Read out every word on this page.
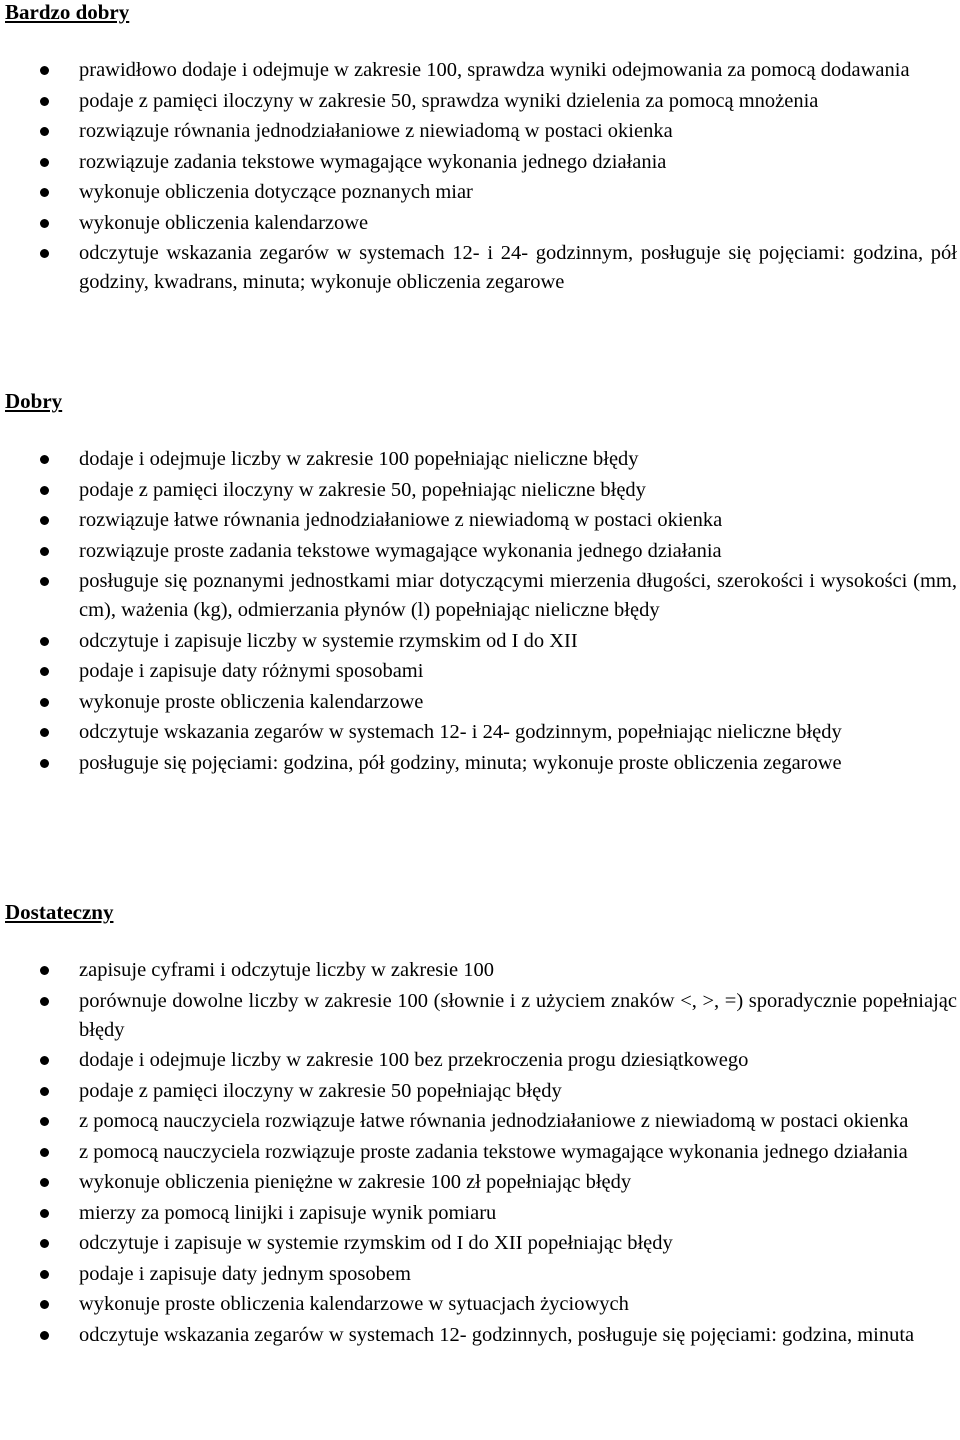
Bardzo dobry
prawidłowo dodaje i odejmuje w zakresie 100, sprawdza wyniki odejmowania za pomocą dodawania
podaje z pamięci iloczyny w zakresie 50, sprawdza wyniki dzielenia za pomocą mnożenia
rozwiązuje równania jednodziałaniowe z niewiadomą w postaci okienka
rozwiązuje zadania tekstowe wymagające wykonania jednego działania
wykonuje obliczenia dotyczące poznanych miar
wykonuje obliczenia kalendarzowe
odczytuje wskazania zegarów w systemach 12- i 24- godzinnym, posługuje się pojęciami: godzina, pół godziny, kwadrans, minuta; wykonuje obliczenia zegarowe
Dobry
dodaje i odejmuje liczby w zakresie 100 popełniając nieliczne błędy
podaje z pamięci iloczyny w zakresie 50, popełniając nieliczne błędy
rozwiązuje łatwe równania jednodziałaniowe z niewiadomą w postaci okienka
rozwiązuje proste zadania tekstowe wymagające wykonania jednego działania
posługuje się poznanymi jednostkami miar dotyczącymi mierzenia długości, szerokości i wysokości (mm, cm), ważenia (kg), odmierzania płynów (l) popełniając nieliczne błędy
odczytuje i zapisuje liczby w systemie rzymskim od I do XII
podaje i zapisuje daty różnymi sposobami
wykonuje proste obliczenia kalendarzowe
odczytuje wskazania zegarów w systemach 12- i 24- godzinnym, popełniając nieliczne błędy
posługuje się pojęciami: godzina, pół godziny, minuta; wykonuje proste obliczenia zegarowe
Dostateczny
zapisuje cyframi i odczytuje liczby w zakresie 100
porównuje dowolne liczby w zakresie 100 (słownie i z użyciem znaków <, >, =) sporadycznie popełniając błędy
dodaje i odejmuje liczby w zakresie 100 bez przekroczenia progu dziesiątkowego
podaje z pamięci iloczyny w zakresie 50 popełniając błędy
z pomocą nauczyciela rozwiązuje łatwe równania jednodziałaniowe z niewiadomą w postaci okienka
z pomocą nauczyciela rozwiązuje proste zadania tekstowe wymagające wykonania jednego działania
wykonuje obliczenia pieniężne w zakresie 100 zł popełniając błędy
mierzy za pomocą linijki i zapisuje wynik pomiaru
odczytuje i zapisuje w systemie rzymskim od I do XII popełniając błędy
podaje i zapisuje daty jednym sposobem
wykonuje proste obliczenia kalendarzowe w sytuacjach życiowych
odczytuje wskazania zegarów w systemach 12- godzinnych, posługuje się pojęciami: godzina, minuta
